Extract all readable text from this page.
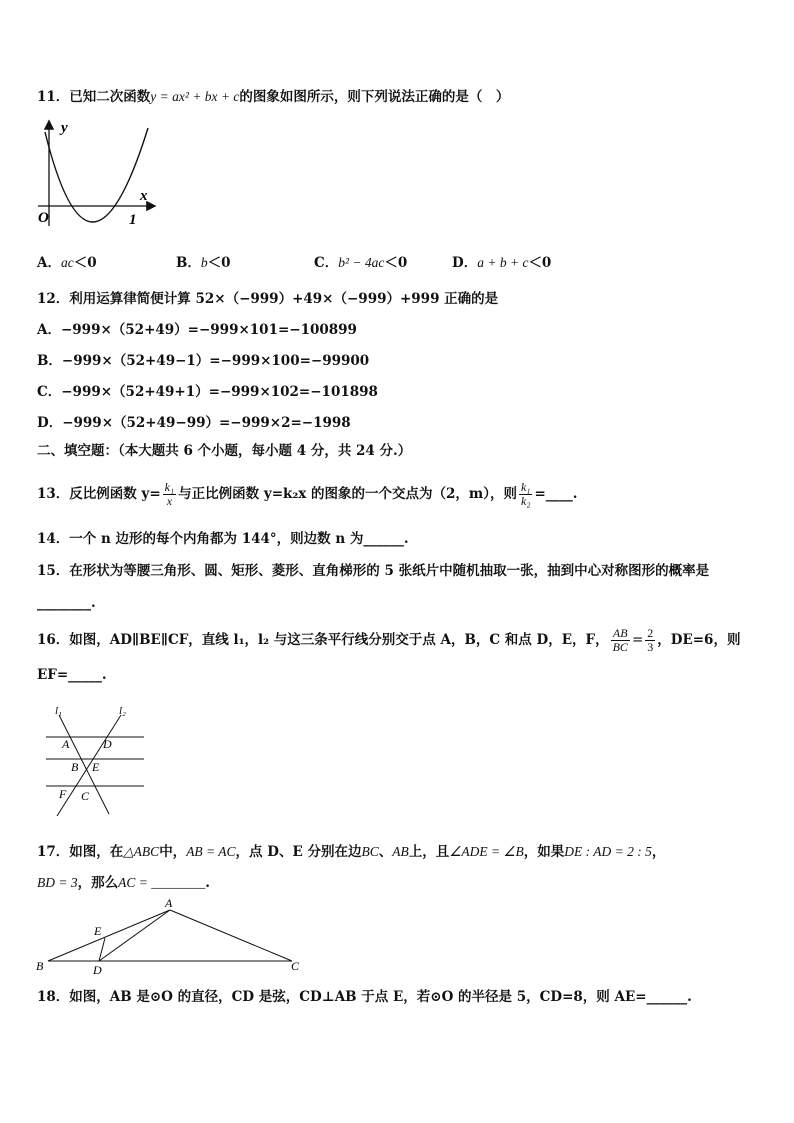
11．已知二次函数y = ax² + bx + c的图象如图所示，则下列说法正确的是（　）
y
x
O	1
A．ac＜0	B．b＜0	C．b² − 4ac＜0	D．a + b + c＜0
12．利用运算律简便计算 52×（−999）+49×（−999）+999 正确的是
A．−999×（52+49）=−999×101=−100899
B．−999×（52+49−1）=−999×100=−99900
C．−999×（52+49+1）=−999×102=−101898
D．−999×（52+49−99）=−999×2=−1998
二、填空题：（本大题共 6 个小题，每小题 4 分，共 24 分.）
13．反比例函数 $y= \frac{\text{k₁}}{x}$ 与正比例函数 y=k₂x 的图象的一个交点为（2，m），则 $\frac{\text{k₁}}{\text{k₂}}$ =____.
14．一个 n 边形的每个内角都为 144°，则边数 n 为______.
15．在形状为等腰三角形、圆、矩形、菱形、直角梯形的 5 张纸片中随机抽取一张，抽到中心对称图形的概率是
________.
16．如图，AD∥BE∥CF，直线 l₁，l₂ 与这三条平行线分别交于点 A，B，C 和点 D，E，F， $\frac{AB}{BC} = \frac{2}{3}$ ，DE=6，则
EF=_____.
l₁	l₂
A	D
B E
F C
17．如图，在△ABC中，AB = AC，点 D、E 分别在边BC、AB上，且∠ADE = ∠B，如果DE : AD = 2 : 5，
BD = 3，那么AC = ________.
A
B	C
D
E
18．如图，AB 是⊙O 的直径，CD 是弦，CD⊥AB 于点 E，若⊙O 的半径是 5，CD=8，则 AE=______.
